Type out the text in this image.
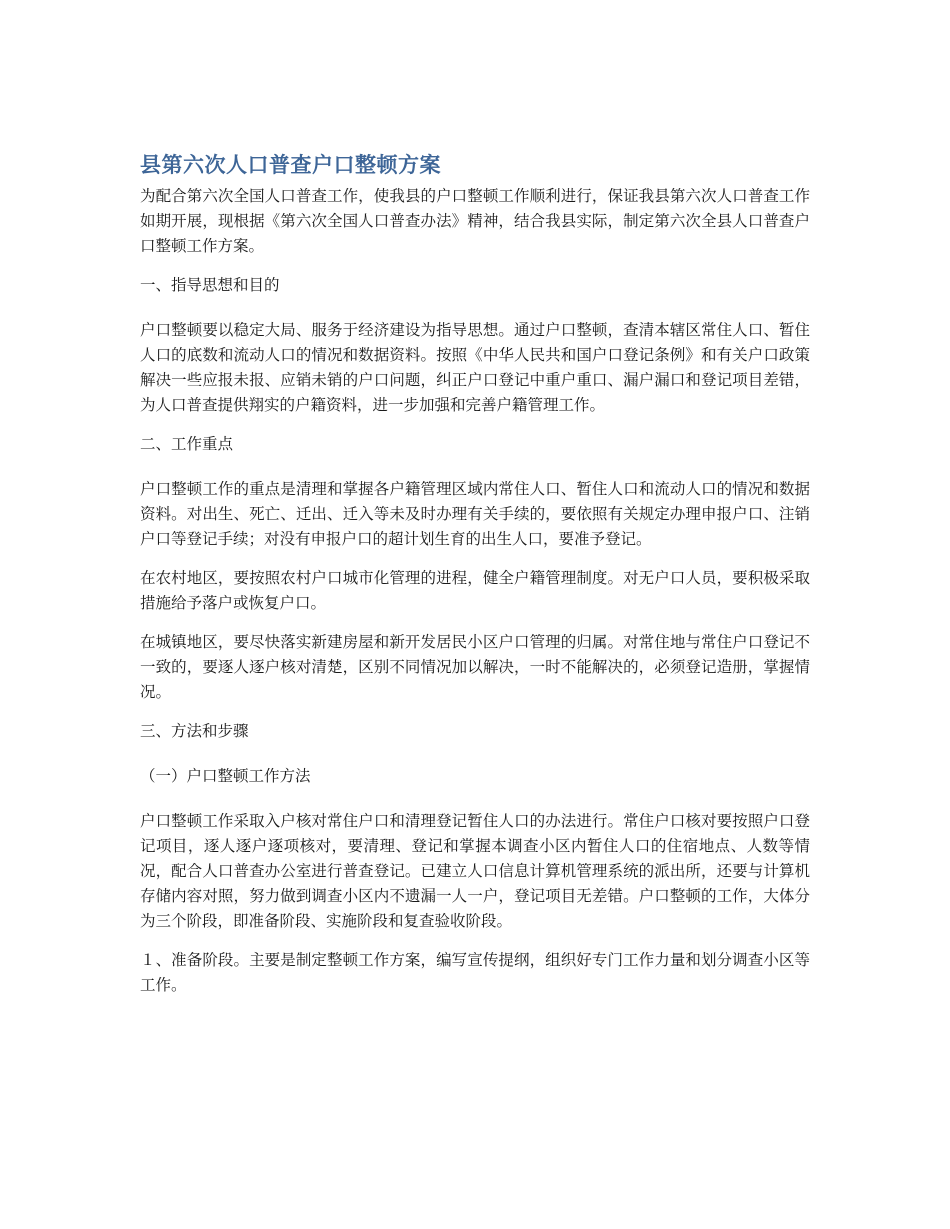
县第六次人口普查户口整顿方案

为配合第六次全国人口普查工作，使我县的户口整顿工作顺利进行，保证我县第六次人口普查工作如期开展，现根据《第六次全国人口普查办法》精神，结合我县实际，制定第六次全县人口普查户口整顿工作方案。

一、指导思想和目的

户口整顿要以稳定大局、服务于经济建设为指导思想。通过户口整顿，查清本辖区常住人口、暂住人口的底数和流动人口的情况和数据资料。按照《中华人民共和国户口登记条例》和有关户口政策解决一些应报未报、应销未销的户口问题，纠正户口登记中重户重口、漏户漏口和登记项目差错，为人口普查提供翔实的户籍资料，进一步加强和完善户籍管理工作。

二、工作重点

户口整顿工作的重点是清理和掌握各户籍管理区域内常住人口、暂住人口和流动人口的情况和数据资料。对出生、死亡、迁出、迁入等未及时办理有关手续的，要依照有关规定办理申报户口、注销户口等登记手续；对没有申报户口的超计划生育的出生人口，要准予登记。

在农村地区，要按照农村户口城市化管理的进程，健全户籍管理制度。对无户口人员，要积极采取措施给予落户或恢复户口。

在城镇地区，要尽快落实新建房屋和新开发居民小区户口管理的归属。对常住地与常住户口登记不一致的，要逐人逐户核对清楚，区别不同情况加以解决，一时不能解决的，必须登记造册，掌握情况。

三、方法和步骤

（一）户口整顿工作方法

户口整顿工作采取入户核对常住户口和清理登记暂住人口的办法进行。常住户口核对要按照户口登记项目，逐人逐户逐项核对，要清理、登记和掌握本调查小区内暂住人口的住宿地点、人数等情况，配合人口普查办公室进行普查登记。已建立人口信息计算机管理系统的派出所，还要与计算机存储内容对照，努力做到调查小区内不遗漏一人一户，登记项目无差错。户口整顿的工作，大体分为三个阶段，即准备阶段、实施阶段和复查验收阶段。

１、准备阶段。主要是制定整顿工作方案，编写宣传提纲，组织好专门工作力量和划分调查小区等工作。
